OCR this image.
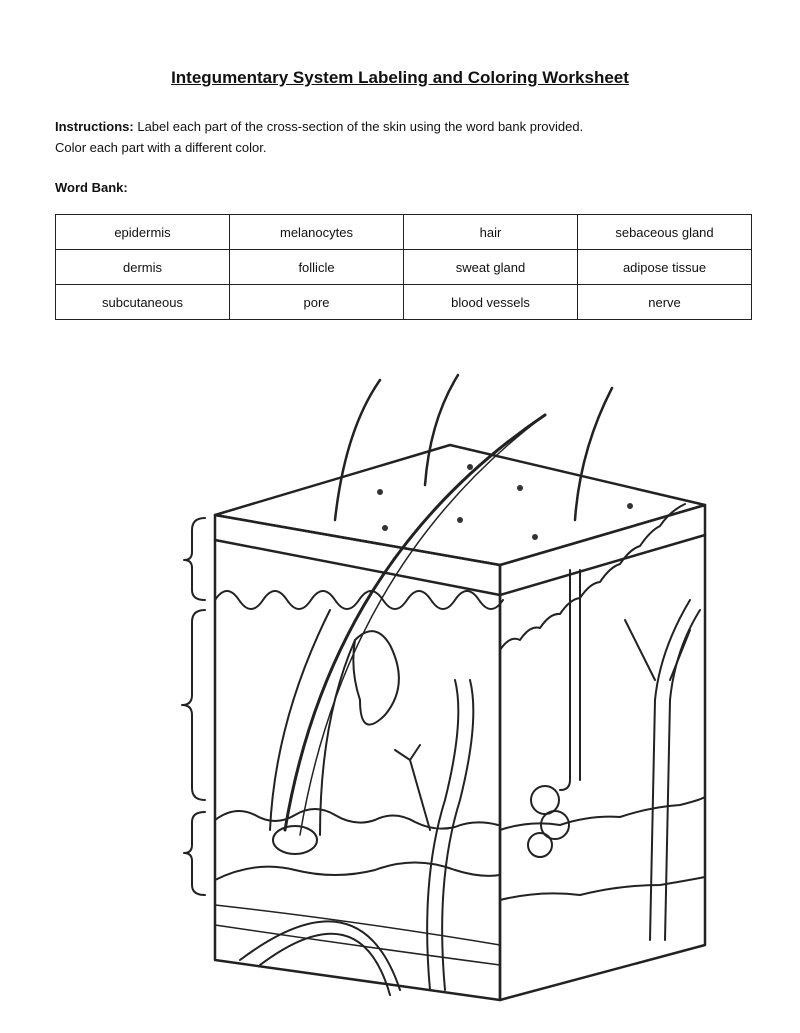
Integumentary System Labeling and Coloring Worksheet
Instructions: Label each part of the cross-section of the skin using the word bank provided.
Color each part with a different color.
Word Bank:
epidermis	melanocytes	hair	sebaceous gland
dermis	follicle	sweat gland	adipose tissue
subcutaneous	pore	blood vessels	nerve
